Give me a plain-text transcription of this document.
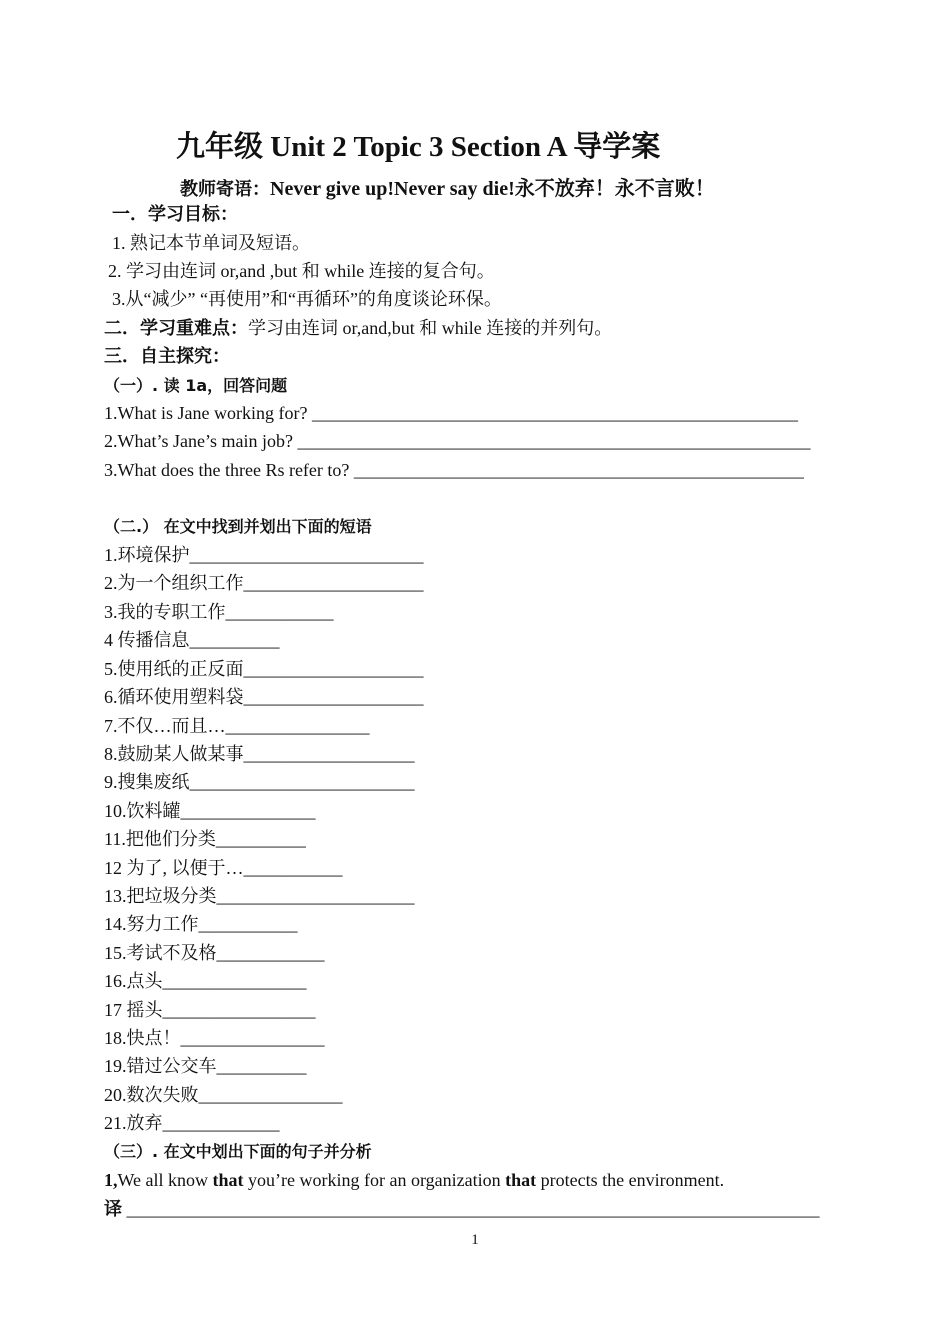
九年级 Unit 2 Topic 3 Section A 导学案
教师寄语：Never give up!Never say die!永不放弃！永不言败！
一．学习目标：
1. 熟记本节单词及短语。
2. 学习由连词 or,and ,but 和 while 连接的复合句。
3.从“减少” “再使用”和“再循环”的角度谈论环保。
二．学习重难点：学习由连词 or,and,but 和 while 连接的并列句。
三．自主探究：
（一）. 读 1a，回答问题
1.What is Jane working for? ______________________________________________________
2.What’s Jane’s main job? _________________________________________________________
3.What does the three Rs refer to? __________________________________________________
（二.） 在文中找到并划出下面的短语
1.环境保护__________________________
2.为一个组织工作____________________
3.我的专职工作____________
4 传播信息__________
5.使用纸的正反面____________________
6.循环使用塑料袋____________________
7.不仅…而且…________________
8.鼓励某人做某事___________________
9.搜集废纸_________________________
10.饮料罐_______________
11.把他们分类__________
12 为了, 以便于…___________
13.把垃圾分类______________________
14.努力工作___________
15.考试不及格____________
16.点头________________
17 摇头_________________
18.快点！________________
19.错过公交车__________
20.数次失败________________
21.放弃_____________
（三）. 在文中划出下面的句子并分析
1,We all know that you’re working for an organization that protects the environment.
译 _____________________________________________________________________________
1
